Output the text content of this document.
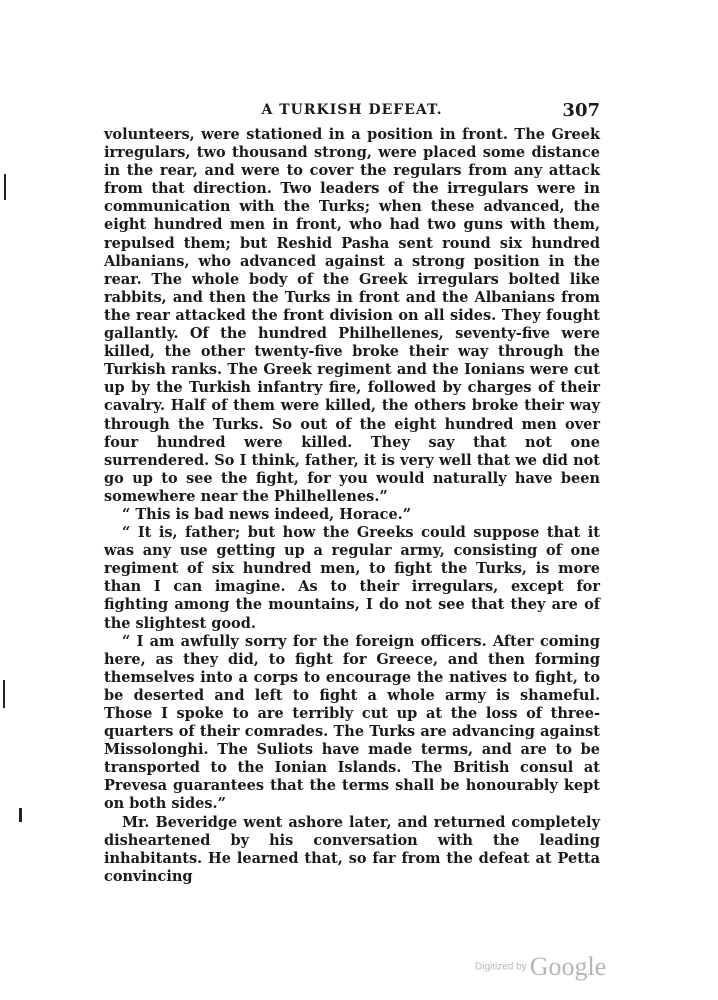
A TURKISH DEFEAT.	307

volunteers, were stationed in a position in front. The Greek irregulars, two thousand strong, were placed some distance in the rear, and were to cover the regulars from any attack from that direction. Two leaders of the irregulars were in communication with the Turks; when these advanced, the eight hundred men in front, who had two guns with them, repulsed them; but Reshid Pasha sent round six hundred Albanians, who advanced against a strong position in the rear. The whole body of the Greek irregulars bolted like rabbits, and then the Turks in front and the Albanians from the rear attacked the front division on all sides. They fought gallantly. Of the hundred Philhellenes, seventy-five were killed, the other twenty-five broke their way through the Turkish ranks. The Greek regiment and the Ionians were cut up by the Turkish infantry fire, followed by charges of their cavalry. Half of them were killed, the others broke their way through the Turks. So out of the eight hundred men over four hundred were killed. They say that not one surrendered. So I think, father, it is very well that we did not go up to see the fight, for you would naturally have been somewhere near the Philhellenes.”

“ This is bad news indeed, Horace.”

“ It is, father; but how the Greeks could suppose that it was any use getting up a regular army, consisting of one regiment of six hundred men, to fight the Turks, is more than I can imagine. As to their irregulars, except for fighting among the mountains, I do not see that they are of the slightest good.

“ I am awfully sorry for the foreign officers. After coming here, as they did, to fight for Greece, and then forming themselves into a corps to encourage the natives to fight, to be deserted and left to fight a whole army is shameful. Those I spoke to are terribly cut up at the loss of three-quarters of their comrades. The Turks are advancing against Missolonghi. The Suliots have made terms, and are to be transported to the Ionian Islands. The British consul at Prevesa guarantees that the terms shall be honourably kept on both sides.”

Mr. Beveridge went ashore later, and returned completely disheartened by his conversation with the leading inhabitants. He learned that, so far from the defeat at Petta convincing

Digitized by Google
